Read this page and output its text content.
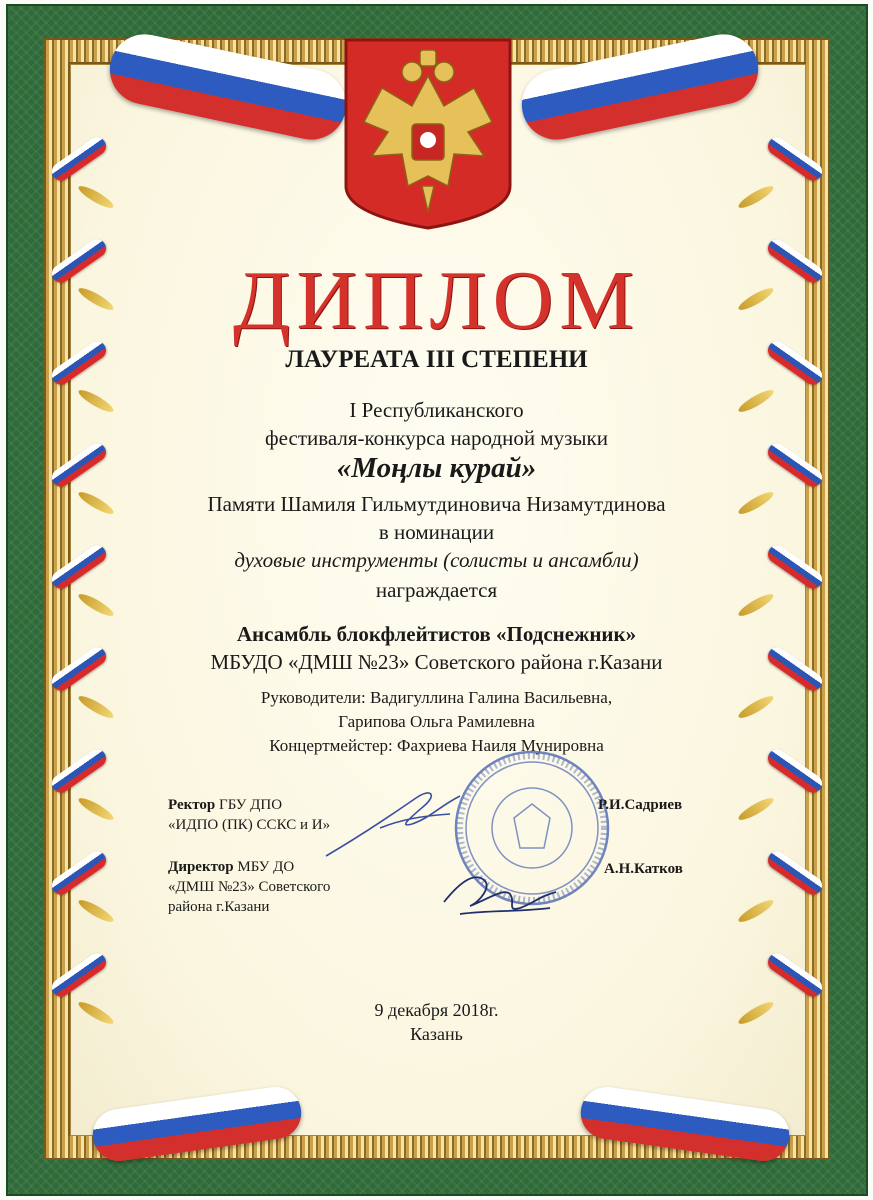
ДИПЛОМ
ЛАУРЕАТА III СТЕПЕНИ
I Республиканского
фестиваля-конкурса народной музыки
«Моңлы курай»
Памяти Шамиля Гильмутдиновича Низамутдинова
в номинации
духовые инструменты (солисты и ансамбли)
награждается
Ансамбль блокфлейтистов «Подснежник»
МБУДО «ДМШ №23» Советского района г.Казани
Руководители: Вадигуллина Галина Васильевна,
Гарипова Ольга Рамилевна
Концертмейстер: Фахриева Наиля Мунировна
Ректор ГБУ ДПО
«ИДПО (ПК) ССКС и И»
Р.И.Садриев
Директор МБУ ДО
«ДМШ №23» Советского
района г.Казани
А.Н.Катков
9 декабря 2018г.
Казань
